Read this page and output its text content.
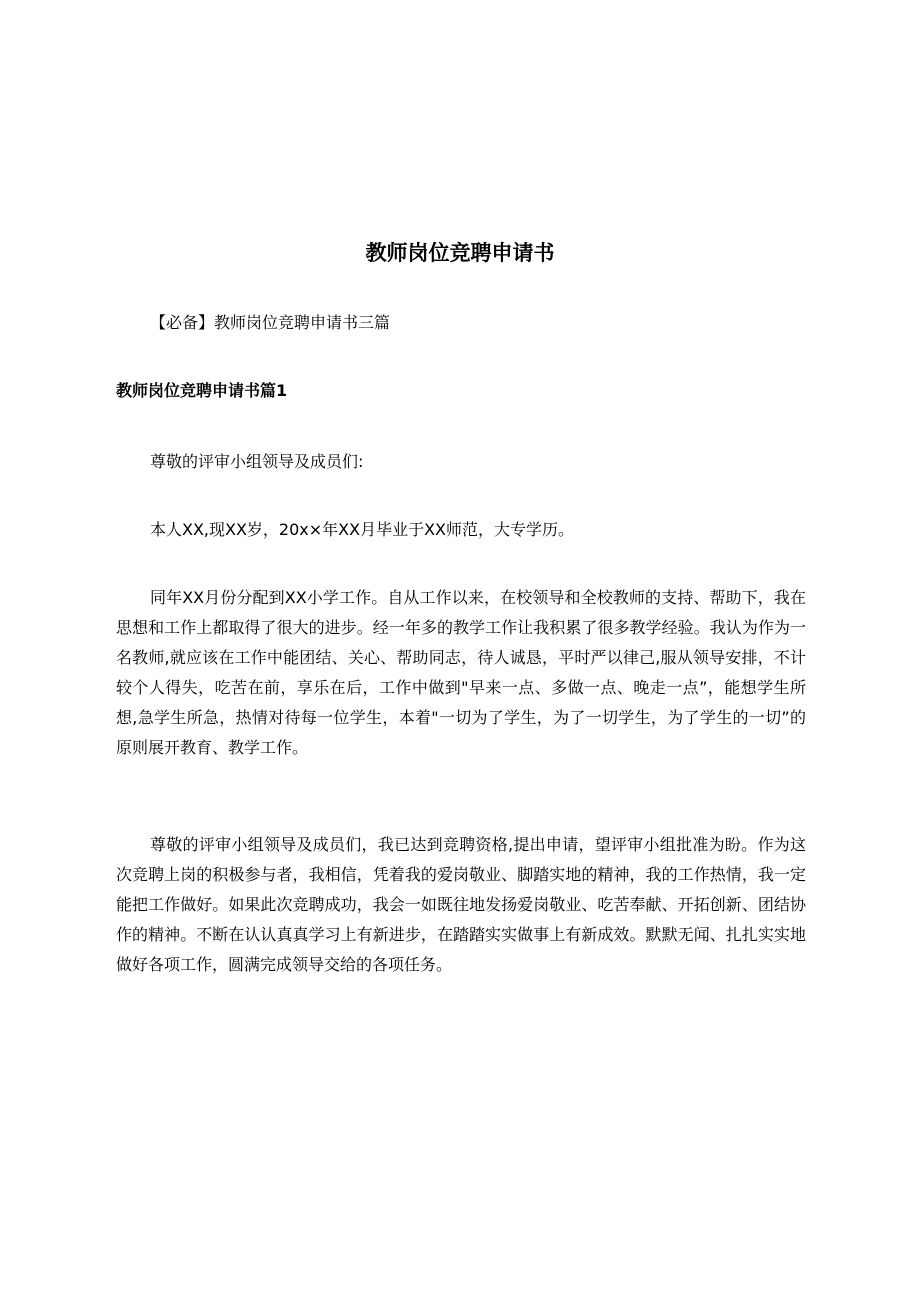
教师岗位竞聘申请书

【必备】教师岗位竞聘申请书三篇

教师岗位竞聘申请书篇1

尊敬的评审小组领导及成员们:

本人XX,现XX岁，20x×年XX月毕业于XX师范，大专学历。

同年XX月份分配到XX小学工作。自从工作以来，在校领导和全校教师的支持、帮助下，我在思想和工作上都取得了很大的进步。经一年多的教学工作让我积累了很多教学经验。我认为作为一名教师,就应该在工作中能团结、关心、帮助同志，待人诚恳，平时严以律己,服从领导安排，不计较个人得失，吃苦在前，享乐在后，工作中做到"早来一点、多做一点、晚走一点”，能想学生所想,急学生所急，热情对待每一位学生，本着"一切为了学生，为了一切学生，为了学生的一切”的原则展开教育、教学工作。

尊敬的评审小组领导及成员们，我已达到竞聘资格,提出申请，望评审小组批准为盼。作为这次竞聘上岗的积极参与者，我相信，凭着我的爱岗敬业、脚踏实地的精神，我的工作热情，我一定能把工作做好。如果此次竞聘成功，我会一如既往地发扬爱岗敬业、吃苦奉献、开拓创新、团结协作的精神。不断在认认真真学习上有新进步，在踏踏实实做事上有新成效。默默无闻、扎扎实实地做好各项工作，圆满完成领导交给的各项任务。
